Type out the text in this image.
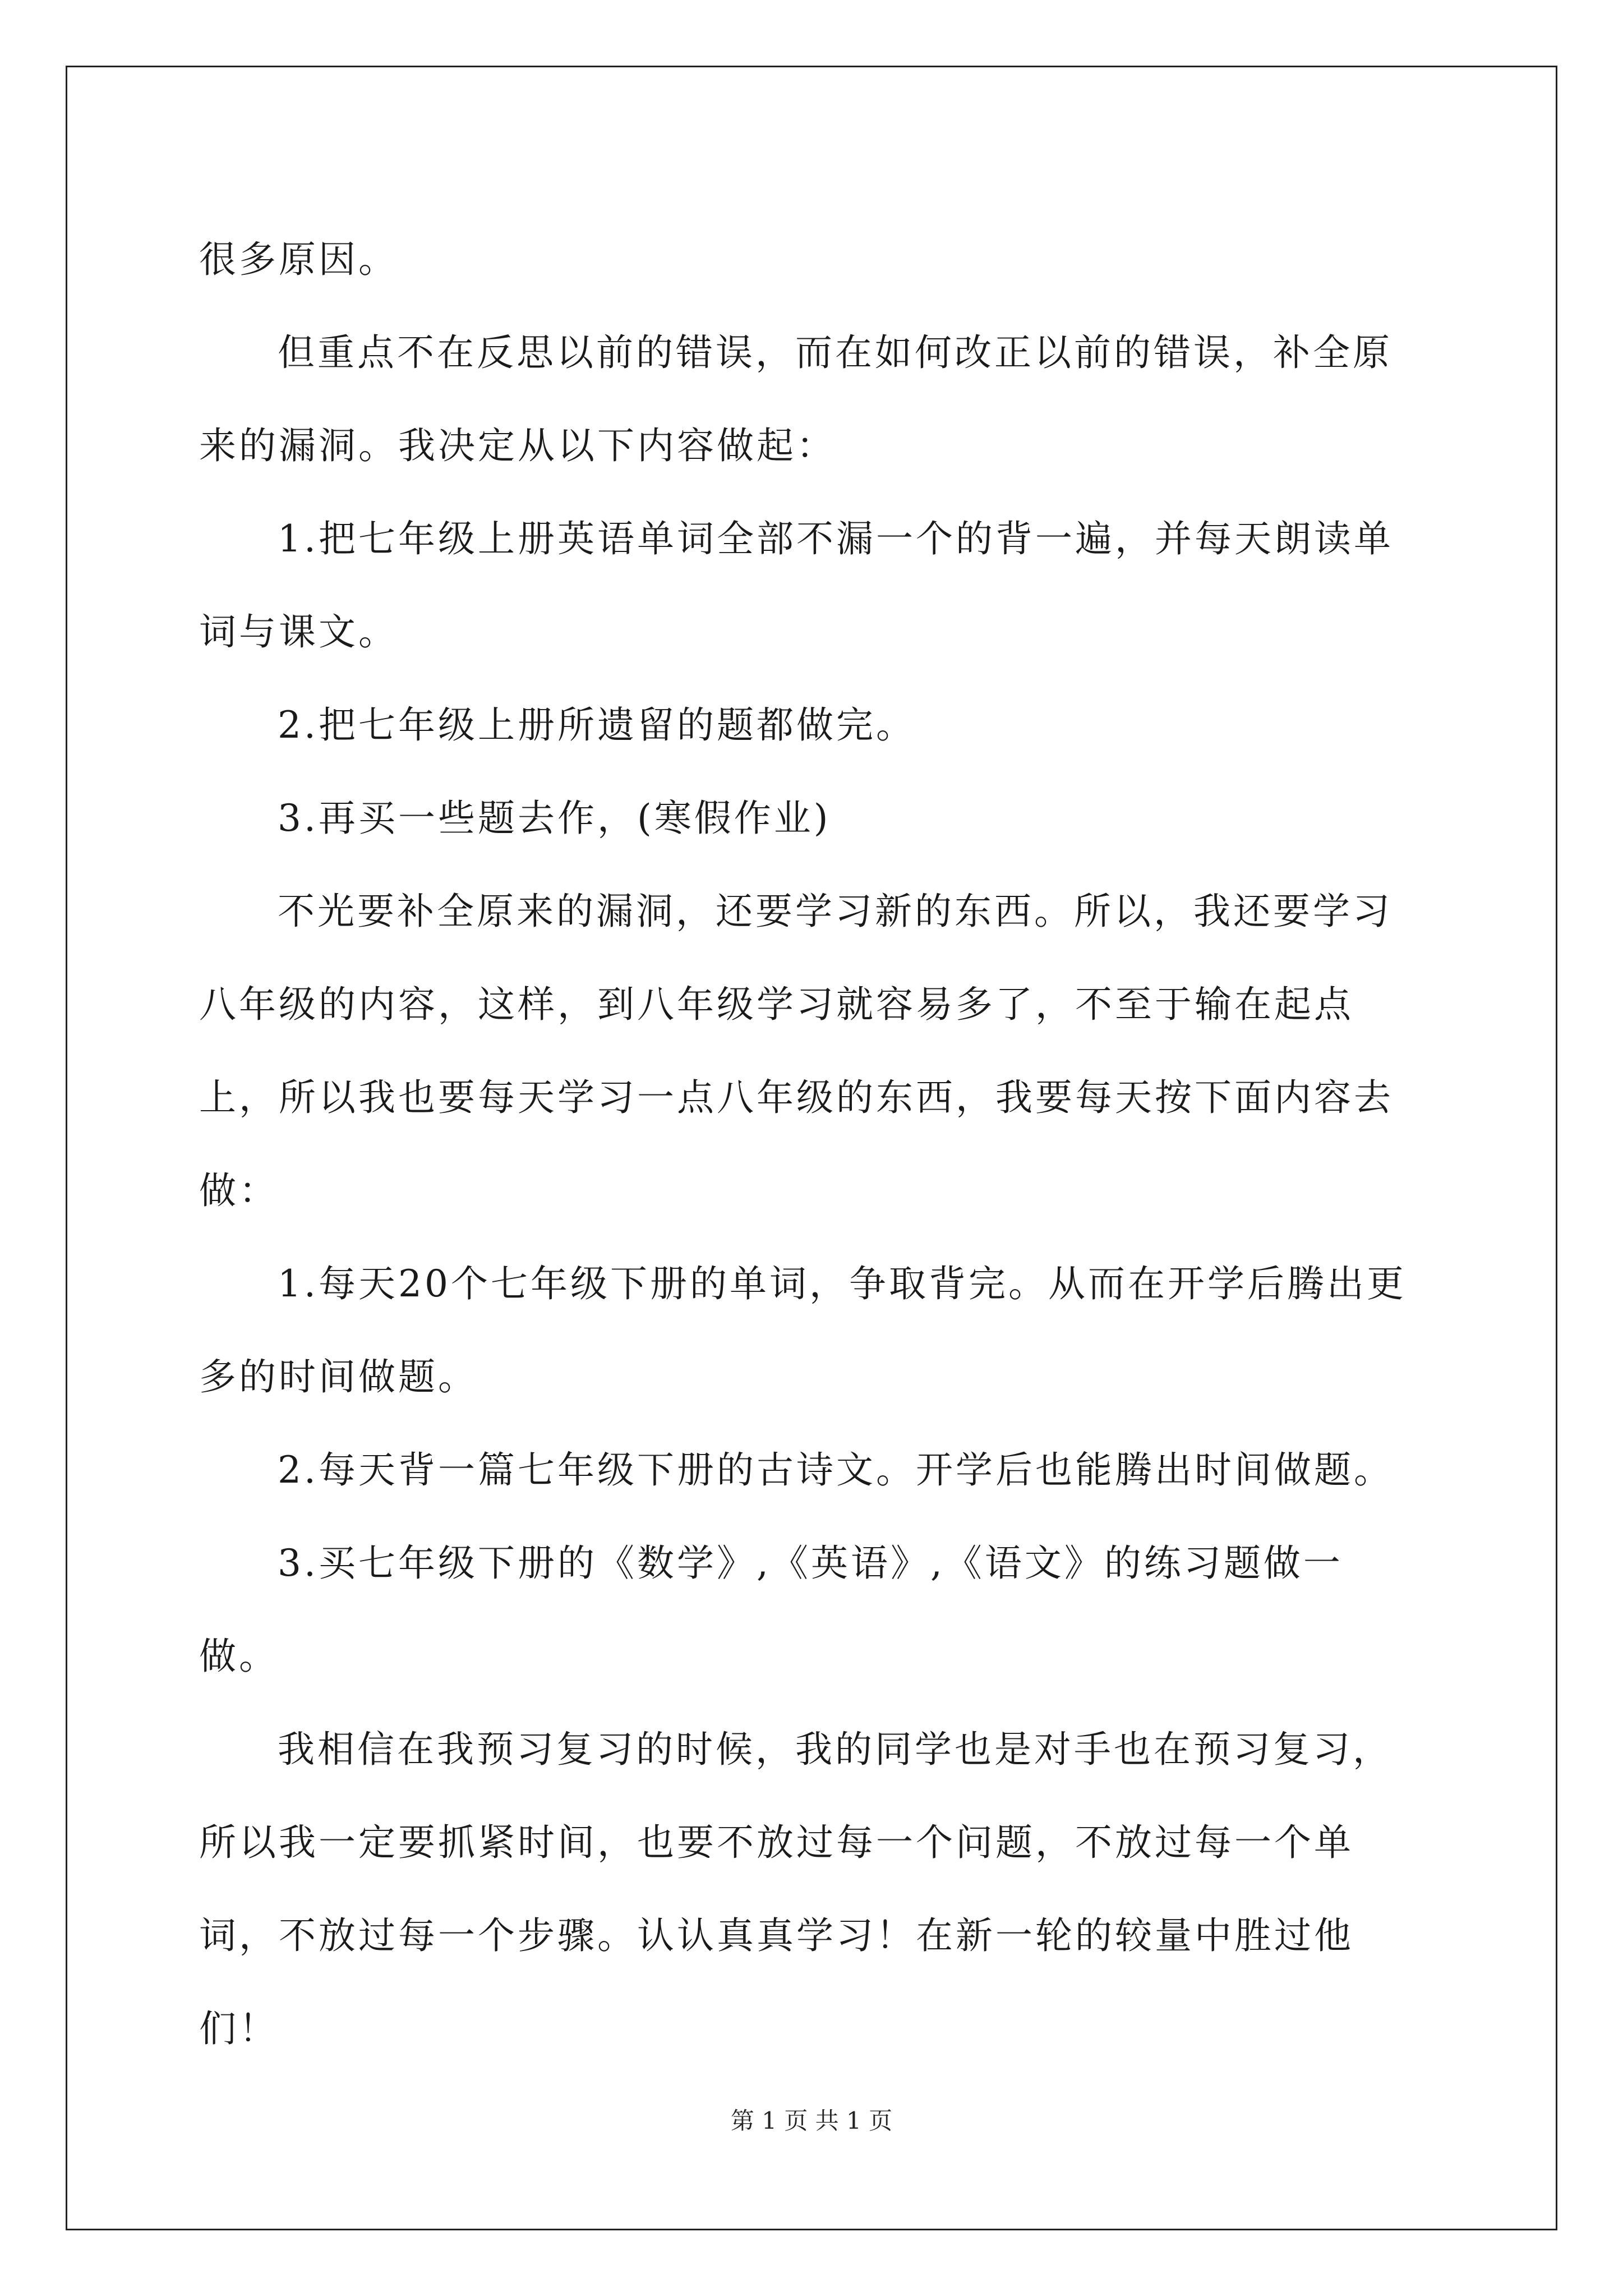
很多原因。

但重点不在反思以前的错误，而在如何改正以前的错误，补全原来的漏洞。我决定从以下内容做起：

1.把七年级上册英语单词全部不漏一个的背一遍，并每天朗读单词与课文。

2.把七年级上册所遗留的题都做完。

3.再买一些题去作，(寒假作业)

不光要补全原来的漏洞，还要学习新的东西。所以，我还要学习八年级的内容，这样，到八年级学习就容易多了，不至于输在起点上，所以我也要每天学习一点八年级的东西，我要每天按下面内容去做：

1.每天20个七年级下册的单词，争取背完。从而在开学后腾出更多的时间做题。

2.每天背一篇七年级下册的古诗文。开学后也能腾出时间做题。

3.买七年级下册的《数学》,《英语》,《语文》的练习题做一做。

我相信在我预习复习的时候，我的同学也是对手也在预习复习，所以我一定要抓紧时间，也要不放过每一个问题，不放过每一个单词，不放过每一个步骤。认认真真学习！在新一轮的较量中胜过他们！

第 1 页 共 1 页
